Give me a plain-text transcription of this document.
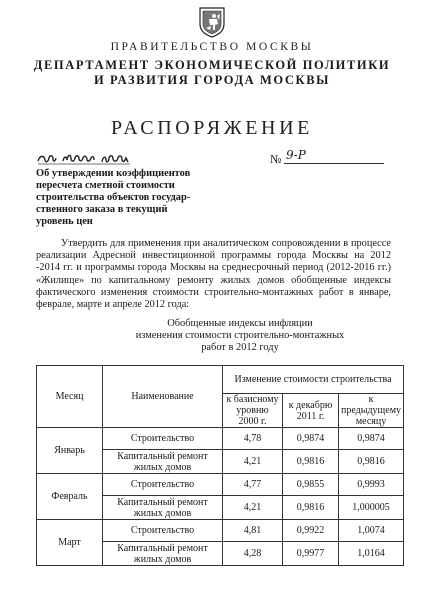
ПРАВИТЕЛЬСТВО МОСКВЫ
ДЕПАРТАМЕНТ ЭКОНОМИЧЕСКОЙ ПОЛИТИКИ
И РАЗВИТИЯ ГОРОДА МОСКВЫ
РАСПОРЯЖЕНИЕ
№ 9-Р
Об утверждении коэффициентов
пересчета сметной стоимости
строительства объектов государ-
ственного заказа в текущий
уровень цен
Утвердить для применения при аналитическом сопровождении в процессе реализации Адресной инвестиционной программы города Москвы на 2012 -2014 гг. и программы города Москвы на среднесрочный период (2012-2016 гг.) «Жилище» по капитальному ремонту жилых домов обобщенные индексы фактического изменения стоимости строительно-монтажных работ в январе, феврале, марте и апреле 2012 года:
Обобщенные индексы инфляции
изменения стоимости строительно-монтажных
работ в 2012 году
Месяц	Наименование	Изменение стоимости строительства		
		к базисному уровню 2000 г.	к декабрю 2011 г.	к предыдущему месяцу
Январь	Строительство	4,78	0,9874	0,9874
	Капитальный ремонт жилых домов	4,21	0,9816	0,9816
Февраль	Строительство	4,77	0,9855	0,9993
	Капитальный ремонт жилых домов	4,21	0,9816	1,000005
Март	Строительство	4,81	0,9922	1,0074
	Капитальный ремонт жилых домов	4,28	0,9977	1,0164
